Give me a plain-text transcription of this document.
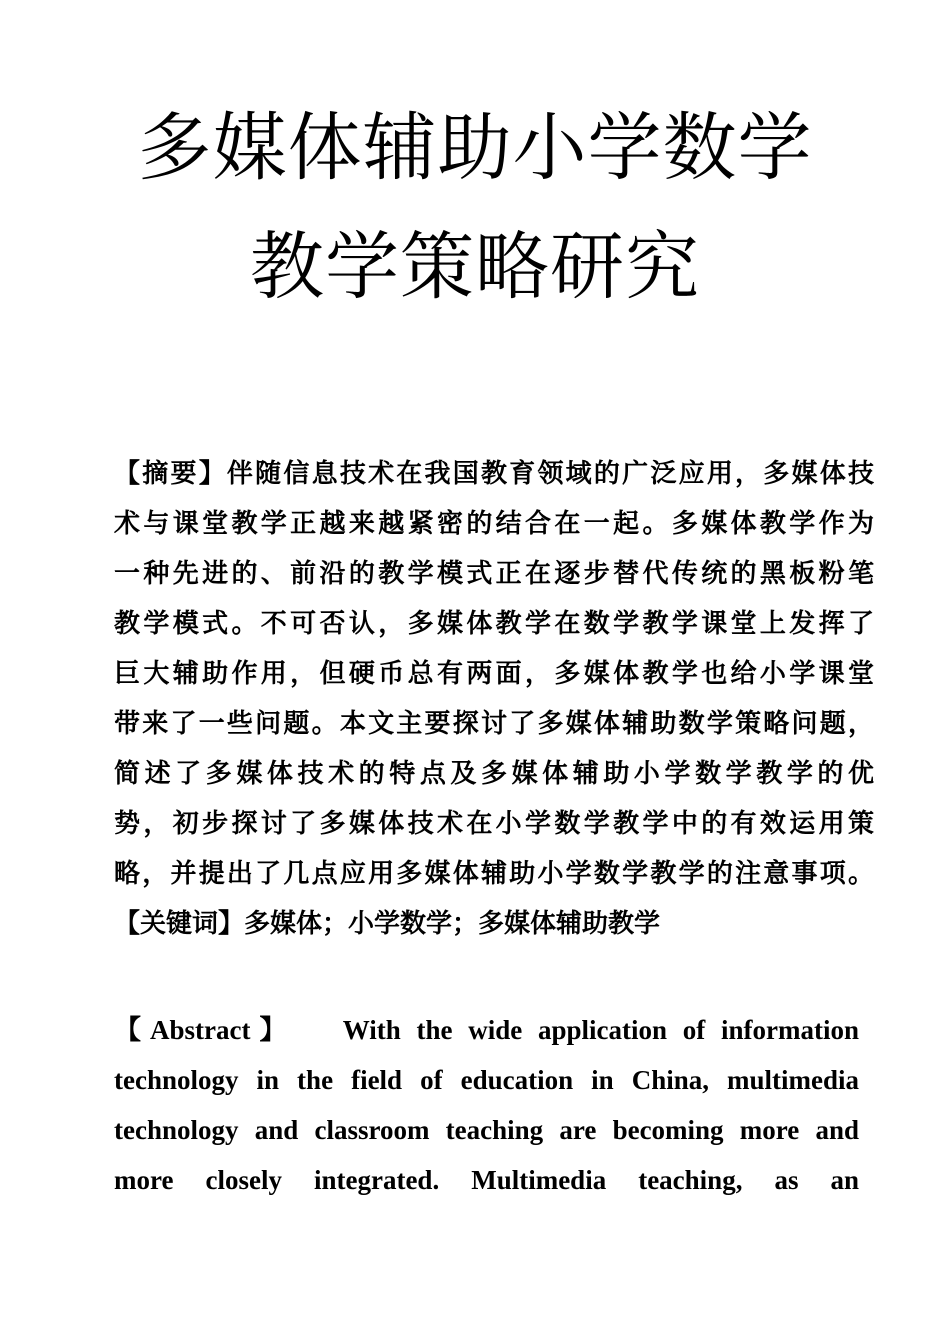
多媒体辅助小学数学
教学策略研究
【摘要】伴随信息技术在我国教育领域的广泛应用，多媒体技
术与课堂教学正越来越紧密的结合在一起。多媒体教学作为
一种先进的、前沿的教学模式正在逐步替代传统的黑板粉笔
教学模式。不可否认，多媒体教学在数学教学课堂上发挥了
巨大辅助作用，但硬币总有两面，多媒体教学也给小学课堂
带来了一些问题。本文主要探讨了多媒体辅助数学策略问题，
简述了多媒体技术的特点及多媒体辅助小学数学教学的优
势，初步探讨了多媒体技术在小学数学教学中的有效运用策
略，并提出了几点应用多媒体辅助小学数学教学的注意事项。
【关键词】多媒体；小学数学；多媒体辅助教学
【Abstract】 With the wide application of information
technology in the field of education in China, multimedia
technology and classroom teaching are becoming more and
more closely integrated. Multimedia teaching, as an
